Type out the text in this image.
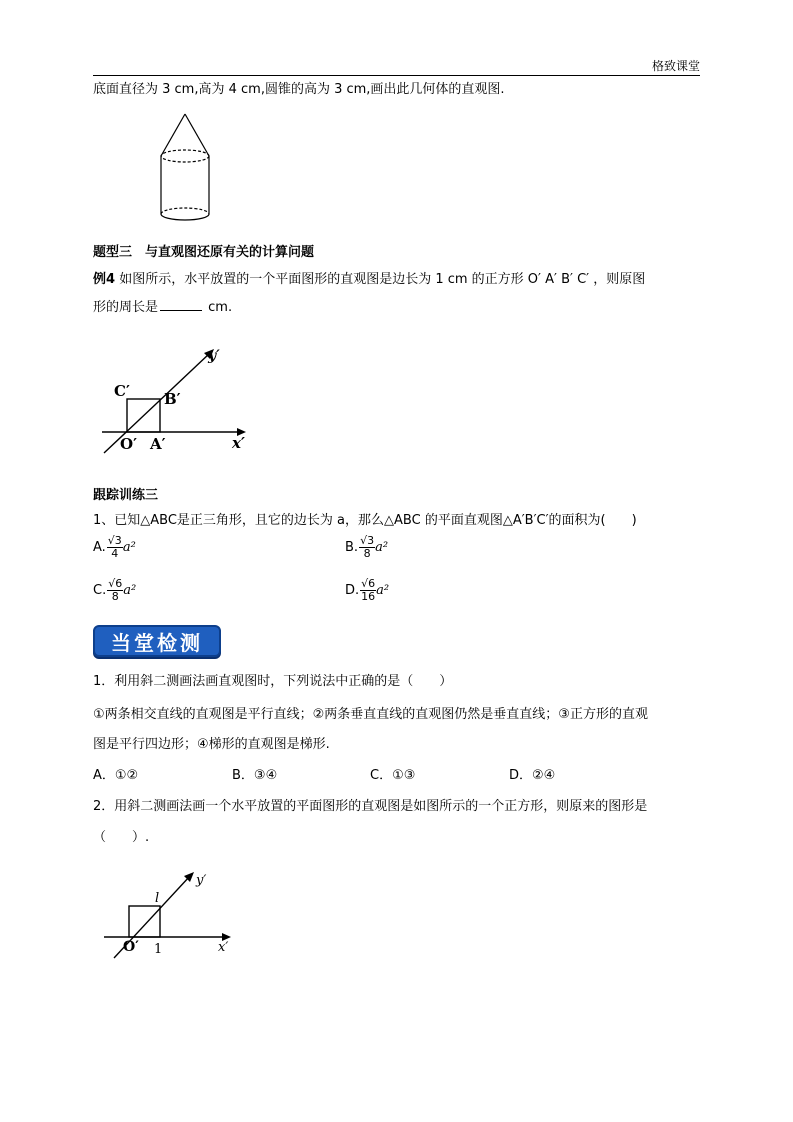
格致课堂
底面直径为 3 cm,高为 4 cm,圆锥的高为 3 cm,画出此几何体的直观图.
题型三　与直观图还原有关的计算问题
例4 如图所示，水平放置的一个平面图形的直观图是边长为 1 cm 的正方形 O′ A′ B′ C′ ，则原图
形的周长是	cm.
y′
C′ B′
O′ A′	x′
跟踪训练三
1、已知△ABC是正三角形，且它的边长为 a，那么△ABC 的平面直观图△A′B′C′的面积为(　　)
A. $\frac{√3}{4} a^2$	B. $\frac{√3}{8} a^2$
C. $\frac{√6}{8} a^2$	D. $\frac{√6}{16} a^2$
当堂检测
1．利用斜二测画法画直观图时，下列说法中正确的是（　　）
①两条相交直线的直观图是平行直线；②两条垂直直线的直观图仍然是垂直直线；③正方形的直观
图是平行四边形；④梯形的直观图是梯形.
A．①②	B．③④	C．①③	D．②④
2．用斜二测画法画一个水平放置的平面图形的直观图是如图所示的一个正方形，则原来的图形是
（　　）.
y′
l
O′ 1	x′
